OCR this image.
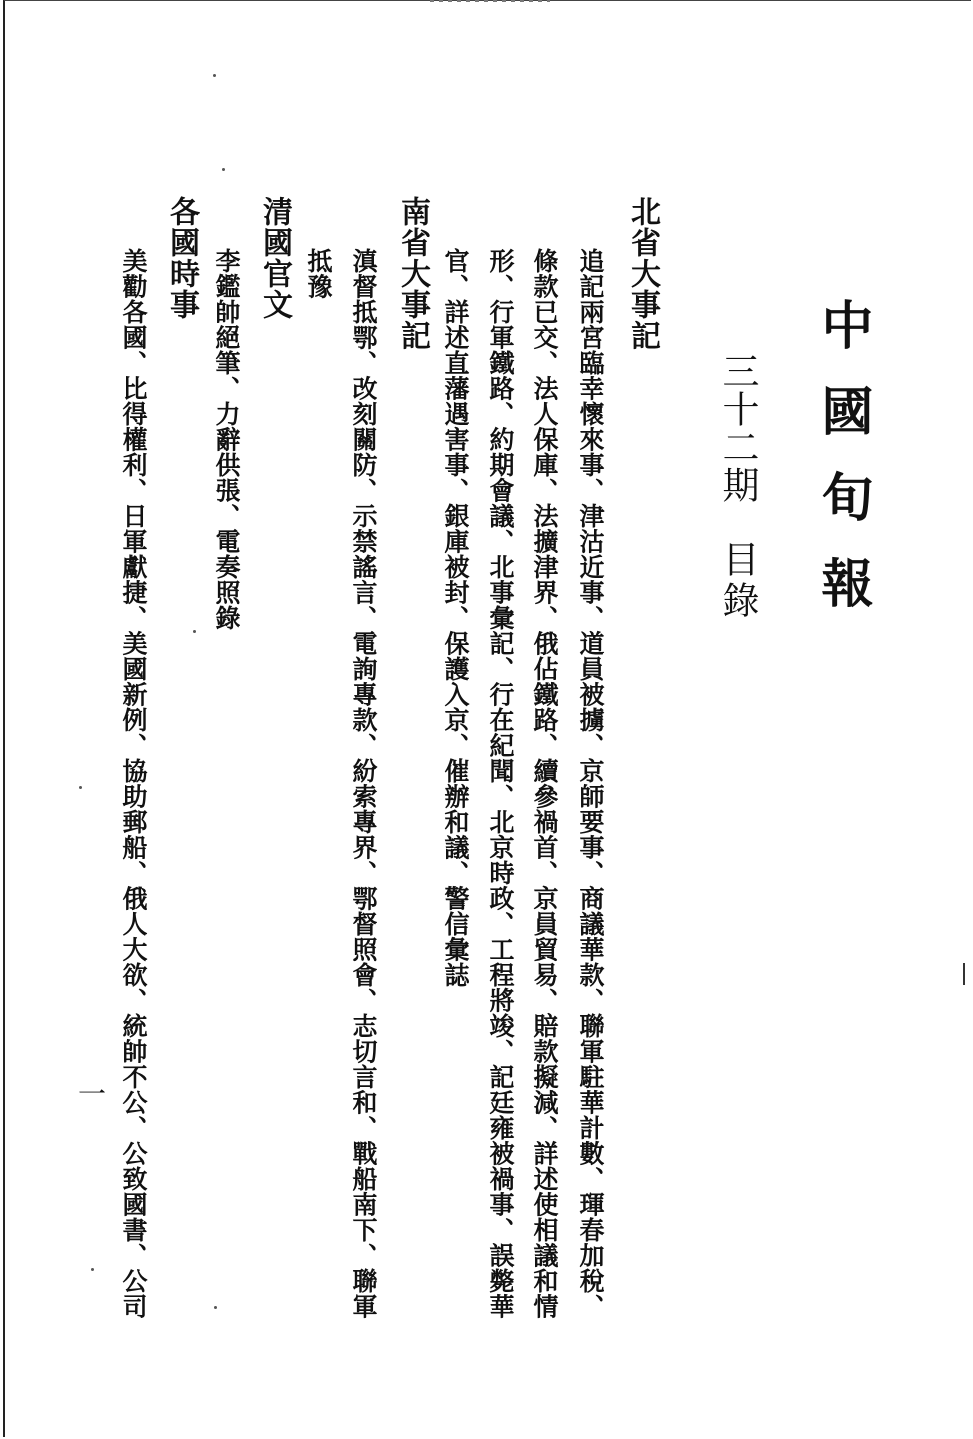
中國旬報
三十二期
目錄
北省大事記
追記兩宮臨幸懷來事、津沽近事、道員被擄、京師要事、商議華款、聯軍駐華計數、琿春加稅、
條款已交、法人保庫、法擴津界、俄佔鐵路、續參禍首、京員貿易、賠款擬減、詳述使相議和情
形、行軍鐵路、約期會議、北事彙記、行在紀聞、北京時政、工程將竣、記廷雍被禍事、誤斃華
官、詳述直藩遇害事、銀庫被封、保護入京、催辦和議、警信彙誌
南省大事記
滇督抵鄂、改刻關防、示禁謠言、電詢專款、紛索專界、鄂督照會、志切言和、戰船南下、聯軍
抵豫
清國官文
李鑑帥絕筆、力辭供張、電奏照錄
各國時事
美勸各國、比得權利、日軍獻捷、美國新例、協助郵船、俄人大欲、統帥不公、公致國書、公司
一
